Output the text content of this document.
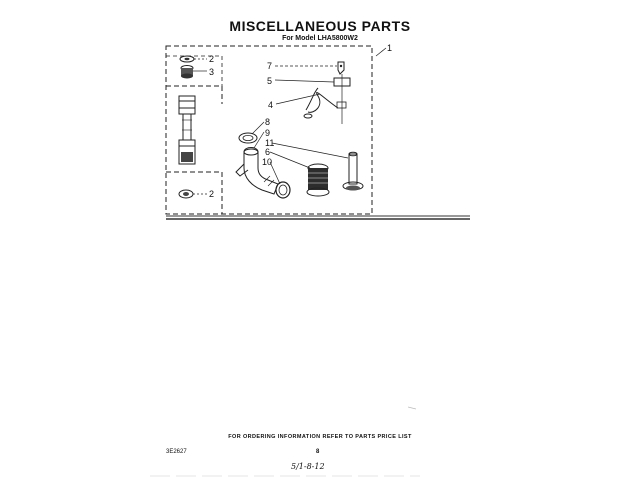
MISCELLANEOUS PARTS
For Model LHA5800W2
1
2
3
2
7
5
4
8
9
11
6
10
FOR ORDERING INFORMATION REFER TO PARTS PRICE LIST
3E2627	8
5/1-8-12
